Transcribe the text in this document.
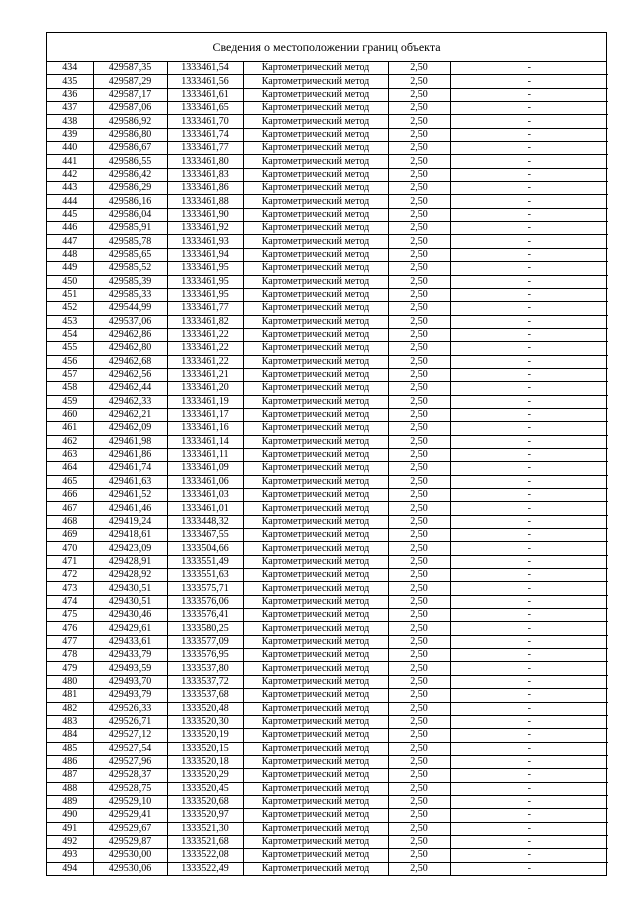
Сведения о местоположении границ объекта
434	429587,35	1333461,54	Картометрический метод	2,50	-
435	429587,29	1333461,56	Картометрический метод	2,50	-
436	429587,17	1333461,61	Картометрический метод	2,50	-
437	429587,06	1333461,65	Картометрический метод	2,50	-
438	429586,92	1333461,70	Картометрический метод	2,50	-
439	429586,80	1333461,74	Картометрический метод	2,50	-
440	429586,67	1333461,77	Картометрический метод	2,50	-
441	429586,55	1333461,80	Картометрический метод	2,50	-
442	429586,42	1333461,83	Картометрический метод	2,50	-
443	429586,29	1333461,86	Картометрический метод	2,50	-
444	429586,16	1333461,88	Картометрический метод	2,50	-
445	429586,04	1333461,90	Картометрический метод	2,50	-
446	429585,91	1333461,92	Картометрический метод	2,50	-
447	429585,78	1333461,93	Картометрический метод	2,50	-
448	429585,65	1333461,94	Картометрический метод	2,50	-
449	429585,52	1333461,95	Картометрический метод	2,50	-
450	429585,39	1333461,95	Картометрический метод	2,50	-
451	429585,33	1333461,95	Картометрический метод	2,50	-
452	429544,99	1333461,77	Картометрический метод	2,50	-
453	429537,06	1333461,82	Картометрический метод	2,50	-
454	429462,86	1333461,22	Картометрический метод	2,50	-
455	429462,80	1333461,22	Картометрический метод	2,50	-
456	429462,68	1333461,22	Картометрический метод	2,50	-
457	429462,56	1333461,21	Картометрический метод	2,50	-
458	429462,44	1333461,20	Картометрический метод	2,50	-
459	429462,33	1333461,19	Картометрический метод	2,50	-
460	429462,21	1333461,17	Картометрический метод	2,50	-
461	429462,09	1333461,16	Картометрический метод	2,50	-
462	429461,98	1333461,14	Картометрический метод	2,50	-
463	429461,86	1333461,11	Картометрический метод	2,50	-
464	429461,74	1333461,09	Картометрический метод	2,50	-
465	429461,63	1333461,06	Картометрический метод	2,50	-
466	429461,52	1333461,03	Картометрический метод	2,50	-
467	429461,46	1333461,01	Картометрический метод	2,50	-
468	429419,24	1333448,32	Картометрический метод	2,50	-
469	429418,61	1333467,55	Картометрический метод	2,50	-
470	429423,09	1333504,66	Картометрический метод	2,50	-
471	429428,91	1333551,49	Картометрический метод	2,50	-
472	429428,92	1333551,63	Картометрический метод	2,50	-
473	429430,51	1333575,71	Картометрический метод	2,50	-
474	429430,51	1333576,06	Картометрический метод	2,50	-
475	429430,46	1333576,41	Картометрический метод	2,50	-
476	429429,61	1333580,25	Картометрический метод	2,50	-
477	429433,61	1333577,09	Картометрический метод	2,50	-
478	429433,79	1333576,95	Картометрический метод	2,50	-
479	429493,59	1333537,80	Картометрический метод	2,50	-
480	429493,70	1333537,72	Картометрический метод	2,50	-
481	429493,79	1333537,68	Картометрический метод	2,50	-
482	429526,33	1333520,48	Картометрический метод	2,50	-
483	429526,71	1333520,30	Картометрический метод	2,50	-
484	429527,12	1333520,19	Картометрический метод	2,50	-
485	429527,54	1333520,15	Картометрический метод	2,50	-
486	429527,96	1333520,18	Картометрический метод	2,50	-
487	429528,37	1333520,29	Картометрический метод	2,50	-
488	429528,75	1333520,45	Картометрический метод	2,50	-
489	429529,10	1333520,68	Картометрический метод	2,50	-
490	429529,41	1333520,97	Картометрический метод	2,50	-
491	429529,67	1333521,30	Картометрический метод	2,50	-
492	429529,87	1333521,68	Картометрический метод	2,50	-
493	429530,00	1333522,08	Картометрический метод	2,50	-
494	429530,06	1333522,49	Картометрический метод	2,50	-
